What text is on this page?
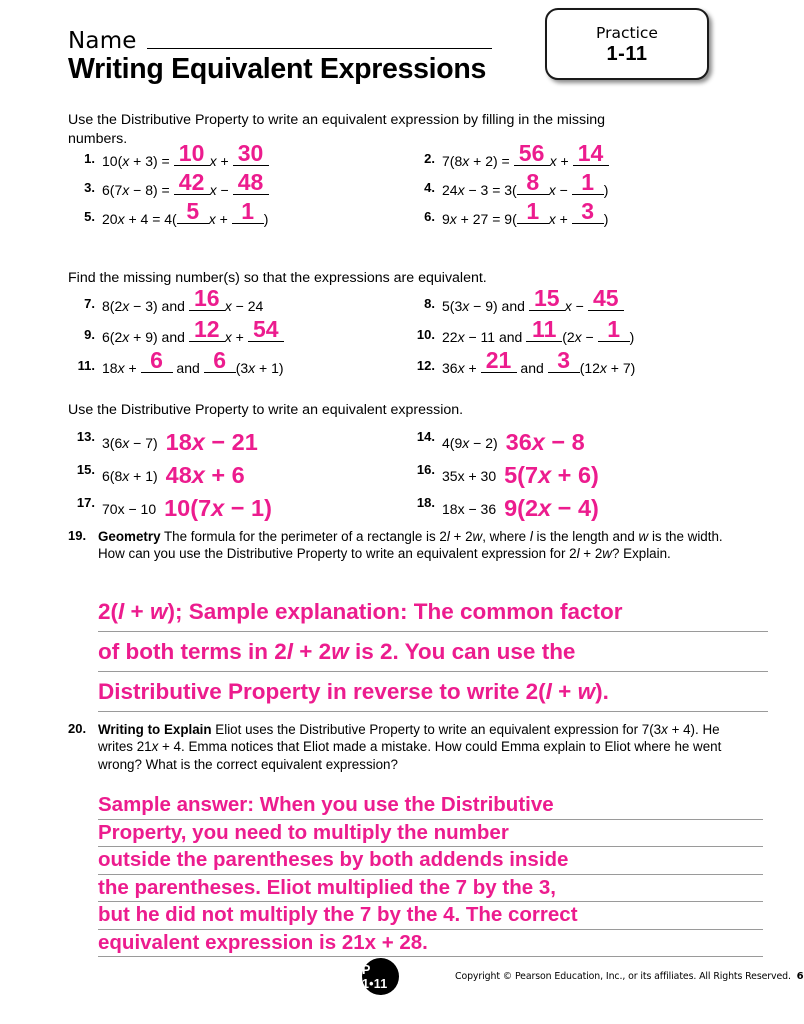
Name
Writing Equivalent Expressions
Practice
1-11
Use the Distributive Property to write an equivalent expression by filling in the missing numbers.
1. 10(x + 3) = 10 x + 30	2. 7(8x + 2) = 56 x + 14
3. 6(7x − 8) = 42 x − 48	4. 24x − 3 = 3( 8 x − 1 )
5. 20x + 4 = 4( 5 x + 1 )	6. 9x + 27 = 9( 1 x + 3 )
Find the missing number(s) so that the expressions are equivalent.
7. 8(2x − 3) and 16 x − 24	8. 5(3x − 9) and 15 x − 45
9. 6(2x + 9) and 12 x + 54	10. 22x − 11 and 11 (2x − 1 )
11. 18x + 6 and 6 (3x + 1)	12. 36x + 21 and 3 (12x + 7)
Use the Distributive Property to write an equivalent expression.
13. 3(6x − 7) 18x − 21	14. 4(9x − 2) 36x − 8
15. 6(8x + 1) 48x + 6	16. 35x + 30 5(7x + 6)
17. 70x − 10 10(7x − 1)	18. 18x − 36 9(2x − 4)
19. Geometry The formula for the perimeter of a rectangle is 2l + 2w, where l is the length and w is the width. How can you use the Distributive Property to write an equivalent expression for 2l + 2w? Explain.
2(l + w); Sample explanation: The common factor
of both terms in 2l + 2w is 2. You can use the
Distributive Property in reverse to write 2(l + w).
20. Writing to Explain Eliot uses the Distributive Property to write an equivalent expression for 7(3x + 4). He writes 21x + 4. Emma notices that Eliot made a mistake. How could Emma explain to Eliot where he went wrong? What is the correct equivalent expression?
Sample answer: When you use the Distributive
Property, you need to multiply the number
outside the parentheses by both addends inside
the parentheses. Eliot multiplied the 7 by the 3,
but he did not multiply the 7 by the 4. The correct
equivalent expression is 21x + 28.
P 1•11	Copyright © Pearson Education, Inc., or its affiliates. All Rights Reserved. 6
